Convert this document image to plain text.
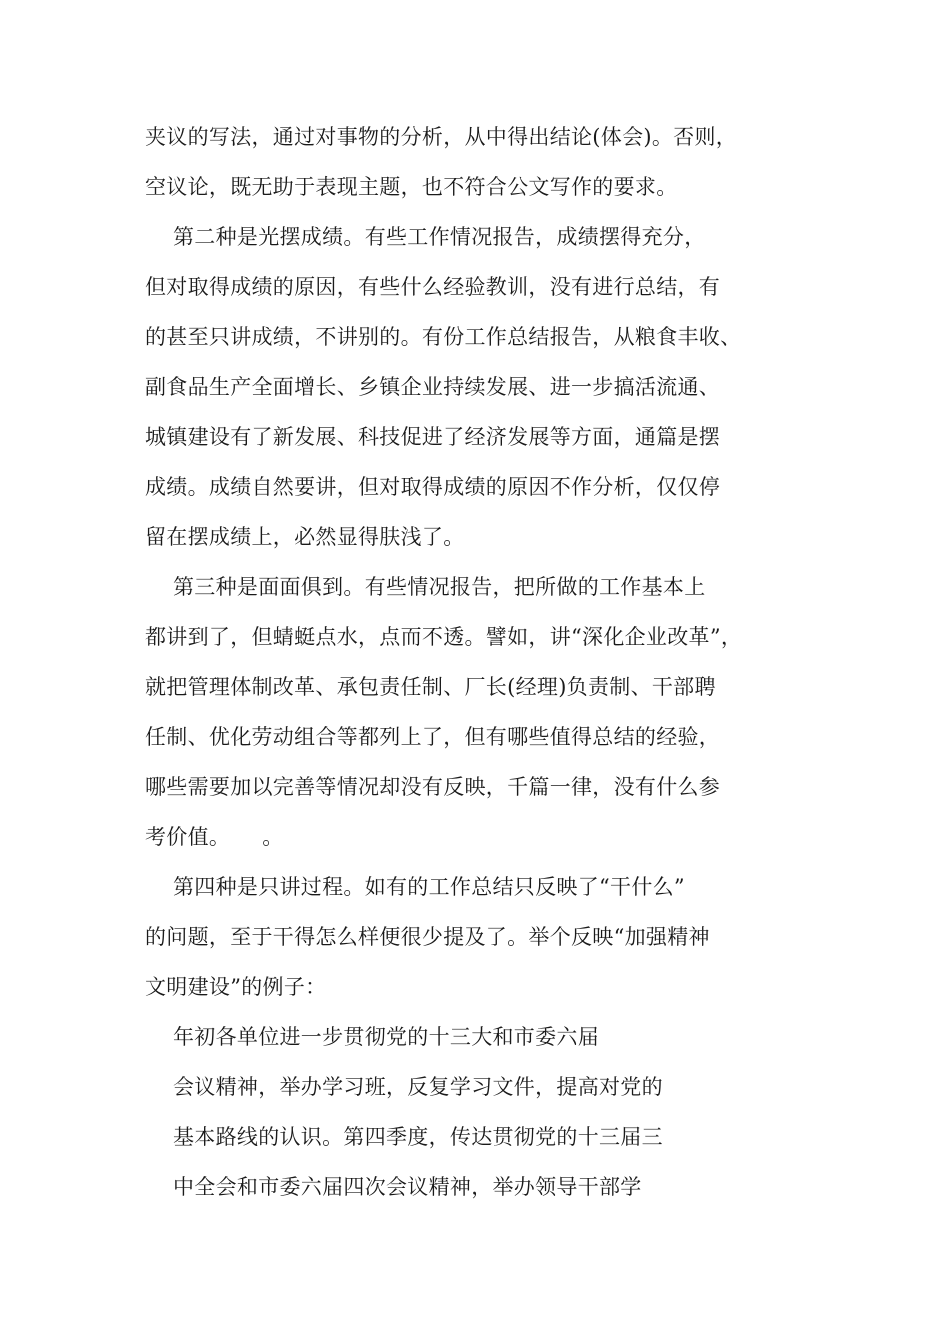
夹议的写法，通过对事物的分析，从中得出结论(体会)。否则，
空议论，既无助于表现主题，也不符合公文写作的要求。
第二种是光摆成绩。有些工作情况报告，成绩摆得充分，
但对取得成绩的原因，有些什么经验教训，没有进行总结，有
的甚至只讲成绩，不讲别的。有份工作总结报告，从粮食丰收、
副食品生产全面增长、乡镇企业持续发展、进一步搞活流通、
城镇建设有了新发展、科技促进了经济发展等方面，通篇是摆
成绩。成绩自然要讲，但对取得成绩的原因不作分析，仅仅停
留在摆成绩上，必然显得肤浅了。
第三种是面面俱到。有些情况报告，把所做的工作基本上
都讲到了，但蜻蜓点水，点而不透。譬如，讲“深化企业改革”，
就把管理体制改革、承包责任制、厂长(经理)负责制、干部聘
任制、优化劳动组合等都列上了，但有哪些值得总结的经验，
哪些需要加以完善等情况却没有反映，千篇一律，没有什么参
考价值。　　。
第四种是只讲过程。如有的工作总结只反映了“干什么”
的问题，至于干得怎么样便很少提及了。举个反映“加强精神
文明建设”的例子：
年初各单位进一步贯彻党的十三大和市委六届
会议精神，举办学习班，反复学习文件，提高对党的
基本路线的认识。第四季度，传达贯彻党的十三届三
中全会和市委六届四次会议精神，举办领导干部学
